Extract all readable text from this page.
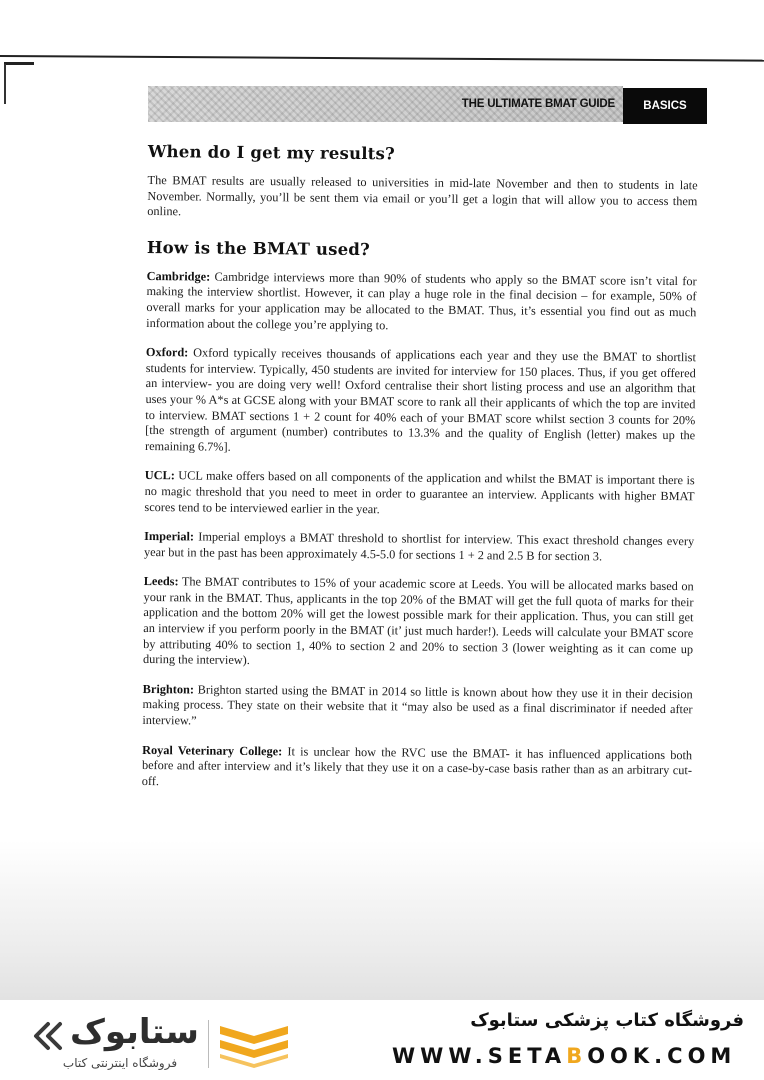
THE ULTIMATE BMAT GUIDE	BASICS
When do I get my results?

The BMAT results are usually released to universities in mid-late November and then to students in late November. Normally, you’ll be sent them via email or you’ll get a login that will allow you to access them online.

How is the BMAT used?

Cambridge: Cambridge interviews more than 90% of students who apply so the BMAT score isn’t vital for making the interview shortlist. However, it can play a huge role in the final decision – for example, 50% of overall marks for your application may be allocated to the BMAT. Thus, it’s essential you find out as much information about the college you’re applying to.

Oxford: Oxford typically receives thousands of applications each year and they use the BMAT to shortlist students for interview. Typically, 450 students are invited for interview for 150 places. Thus, if you get offered an interview- you are doing very well! Oxford centralise their short listing process and use an algorithm that uses your % A*s at GCSE along with your BMAT score to rank all their applicants of which the top are invited to interview. BMAT sections 1 + 2 count for 40% each of your BMAT score whilst section 3 counts for 20% [the strength of argument (number) contributes to 13.3% and the quality of English (letter) makes up the remaining 6.7%].

UCL: UCL make offers based on all components of the application and whilst the BMAT is important there is no magic threshold that you need to meet in order to guarantee an interview. Applicants with higher BMAT scores tend to be interviewed earlier in the year.

Imperial: Imperial employs a BMAT threshold to shortlist for interview. This exact threshold changes every year but in the past has been approximately 4.5-5.0 for sections 1 + 2 and 2.5 B for section 3.

Leeds: The BMAT contributes to 15% of your academic score at Leeds. You will be allocated marks based on your rank in the BMAT. Thus, applicants in the top 20% of the BMAT will get the full quota of marks for their application and the bottom 20% will get the lowest possible mark for their application. Thus, you can still get an interview if you perform poorly in the BMAT (it’ just much harder!). Leeds will calculate your BMAT score by attributing 40% to section 1, 40% to section 2 and 20% to section 3 (lower weighting as it can come up during the interview).

Brighton: Brighton started using the BMAT in 2014 so little is known about how they use it in their decision making process. They state on their website that it “may also be used as a final discriminator if needed after interview.”

Royal Veterinary College: It is unclear how the RVC use the BMAT- it has influenced applications both before and after interview and it’s likely that they use it on a case-by-case basis rather than as an arbitrary cut-off.

ستابوک
فروشگاه اینترنتی کتاب
فروشگاه کتاب پزشکی ستابوک
WWW.SETABOOK.COM
